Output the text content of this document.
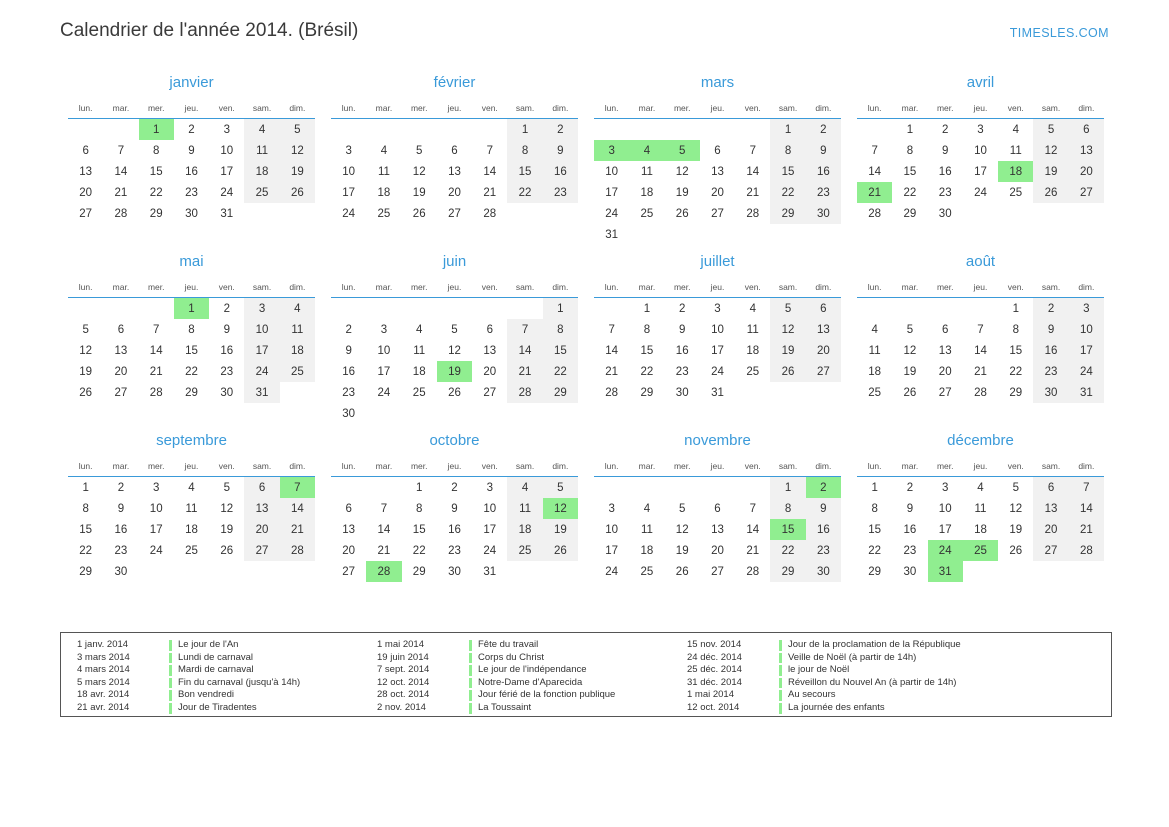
Calendrier de l'année 2014. (Brésil)	TIMESLES.COM
janvier
lun.	mar.	mer.	jeu.	ven.	sam.	dim.
		1	2	3	4	5
6	7	8	9	10	11	12
13	14	15	16	17	18	19
20	21	22	23	24	25	26
27	28	29	30	31		
février
lun.	mar.	mer.	jeu.	ven.	sam.	dim.
					1	2
3	4	5	6	7	8	9
10	11	12	13	14	15	16
17	18	19	20	21	22	23
24	25	26	27	28		
mars
lun.	mar.	mer.	jeu.	ven.	sam.	dim.
					1	2
3	4	5	6	7	8	9
10	11	12	13	14	15	16
17	18	19	20	21	22	23
24	25	26	27	28	29	30
31						
avril
lun.	mar.	mer.	jeu.	ven.	sam.	dim.
	1	2	3	4	5	6
7	8	9	10	11	12	13
14	15	16	17	18	19	20
21	22	23	24	25	26	27
28	29	30				
mai
lun.	mar.	mer.	jeu.	ven.	sam.	dim.
			1	2	3	4
5	6	7	8	9	10	11
12	13	14	15	16	17	18
19	20	21	22	23	24	25
26	27	28	29	30	31	
juin
lun.	mar.	mer.	jeu.	ven.	sam.	dim.
						1
2	3	4	5	6	7	8
9	10	11	12	13	14	15
16	17	18	19	20	21	22
23	24	25	26	27	28	29
30						
juillet
lun.	mar.	mer.	jeu.	ven.	sam.	dim.
	1	2	3	4	5	6
7	8	9	10	11	12	13
14	15	16	17	18	19	20
21	22	23	24	25	26	27
28	29	30	31			
août
lun.	mar.	mer.	jeu.	ven.	sam.	dim.
				1	2	3
4	5	6	7	8	9	10
11	12	13	14	15	16	17
18	19	20	21	22	23	24
25	26	27	28	29	30	31
septembre
lun.	mar.	mer.	jeu.	ven.	sam.	dim.
1	2	3	4	5	6	7
8	9	10	11	12	13	14
15	16	17	18	19	20	21
22	23	24	25	26	27	28
29	30					
octobre
lun.	mar.	mer.	jeu.	ven.	sam.	dim.
		1	2	3	4	5
6	7	8	9	10	11	12
13	14	15	16	17	18	19
20	21	22	23	24	25	26
27	28	29	30	31		
novembre
lun.	mar.	mer.	jeu.	ven.	sam.	dim.
					1	2
3	4	5	6	7	8	9
10	11	12	13	14	15	16
17	18	19	20	21	22	23
24	25	26	27	28	29	30
décembre
lun.	mar.	mer.	jeu.	ven.	sam.	dim.
1	2	3	4	5	6	7
8	9	10	11	12	13	14
15	16	17	18	19	20	21
22	23	24	25	26	27	28
29	30	31				
1 janv. 2014	Le jour de l'An
3 mars 2014	Lundi de carnaval
4 mars 2014	Mardi de carnaval
5 mars 2014	Fin du carnaval (jusqu'à 14h)
18 avr. 2014	Bon vendredi
21 avr. 2014	Jour de Tiradentes
1 mai 2014	Fête du travail
19 juin 2014	Corps du Christ
7 sept. 2014	Le jour de l'indépendance
12 oct. 2014	Notre-Dame d'Aparecida
28 oct. 2014	Jour férié de la fonction publique
2 nov. 2014	La Toussaint
15 nov. 2014	Jour de la proclamation de la République
24 déc. 2014	Veille de Noël (à partir de 14h)
25 déc. 2014	le jour de Noël
31 déc. 2014	Réveillon du Nouvel An (à partir de 14h)
1 mai 2014	Au secours
12 oct. 2014	La journée des enfants
